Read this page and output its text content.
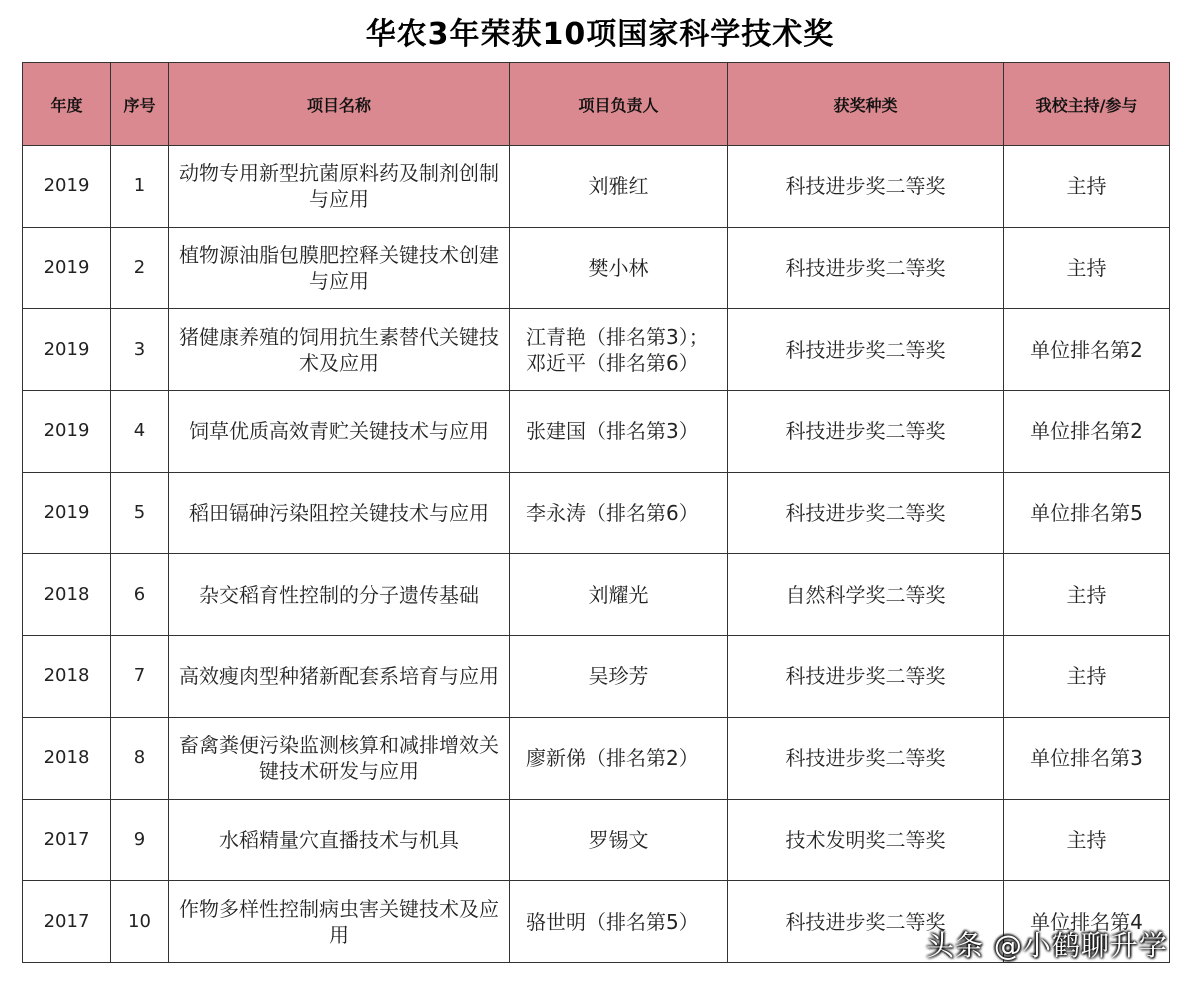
华农3年荣获10项国家科学技术奖
年度	序号	项目名称	项目负责人	获奖种类	我校主持/参与
2019	1	动物专用新型抗菌原料药及制剂创制与应用	刘雅红	科技进步奖二等奖	主持
2019	2	植物源油脂包膜肥控释关键技术创建与应用	樊小林	科技进步奖二等奖	主持
2019	3	猪健康养殖的饲用抗生素替代关键技术及应用	江青艳（排名第3）；邓近平（排名第6）	科技进步奖二等奖	单位排名第2
2019	4	饲草优质高效青贮关键技术与应用	张建国（排名第3）	科技进步奖二等奖	单位排名第2
2019	5	稻田镉砷污染阻控关键技术与应用	李永涛（排名第6）	科技进步奖二等奖	单位排名第5
2018	6	杂交稻育性控制的分子遗传基础	刘耀光	自然科学奖二等奖	主持
2018	7	高效瘦肉型种猪新配套系培育与应用	吴珍芳	科技进步奖二等奖	主持
2018	8	畜禽粪便污染监测核算和减排增效关键技术研发与应用	廖新俤（排名第2）	科技进步奖二等奖	单位排名第3
2017	9	水稻精量穴直播技术与机具	罗锡文	技术发明奖二等奖	主持
2017	10	作物多样性控制病虫害关键技术及应用	骆世明（排名第5）	科技进步奖二等奖	单位排名第4
头条 @小鹤聊升学
